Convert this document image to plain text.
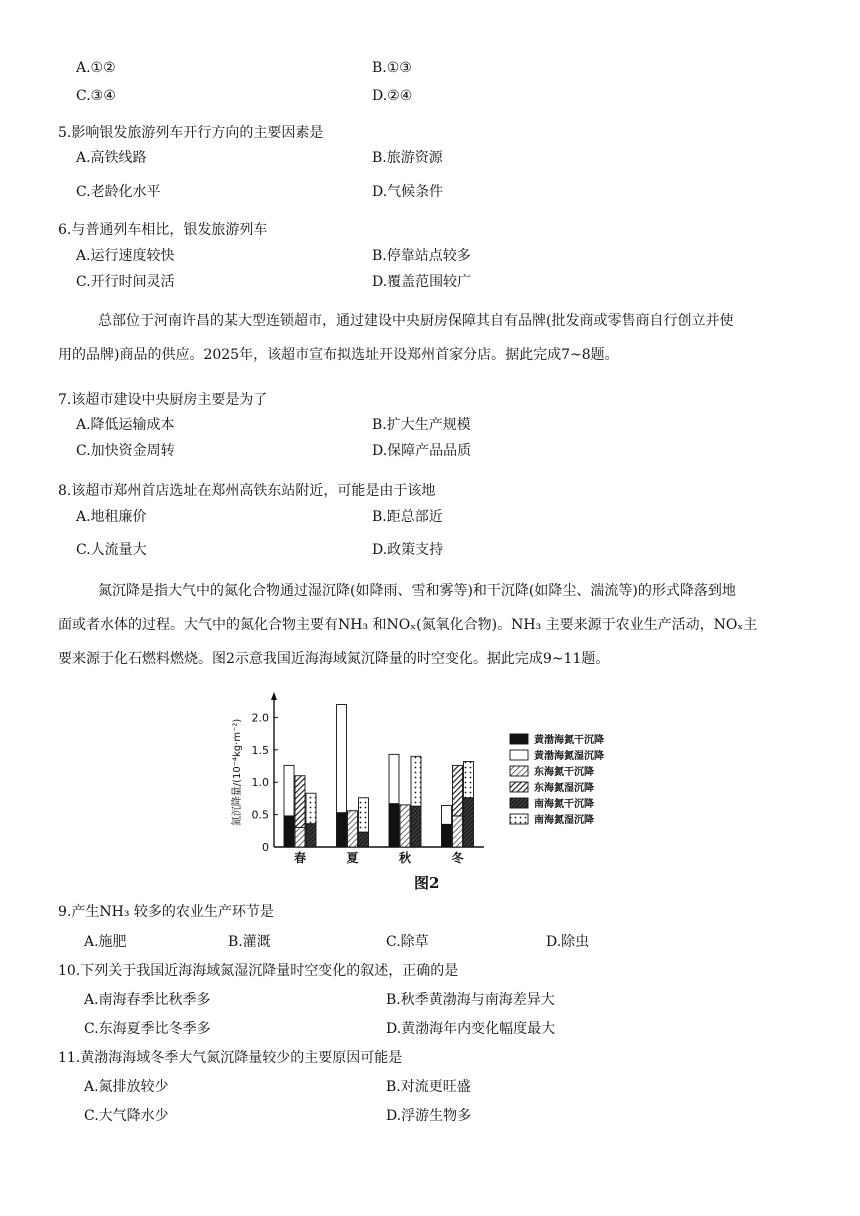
A.①②	B.①③
C.③④	D.②④
5.影响银发旅游列车开行方向的主要因素是
A.高铁线路	B.旅游资源
C.老龄化水平	D.气候条件
6.与普通列车相比，银发旅游列车
A.运行速度较快	B.停靠站点较多
C.开行时间灵活	D.覆盖范围较广
总部位于河南许昌的某大型连锁超市，通过建设中央厨房保障其自有品牌(批发商或零售商自行创立并使
用的品牌)商品的供应。2025年，该超市宣布拟选址开设郑州首家分店。据此完成7~8题。
7.该超市建设中央厨房主要是为了
A.降低运输成本	B.扩大生产规模
C.加快资金周转	D.保障产品品质
8.该超市郑州首店选址在郑州高铁东站附近，可能是由于该地
A.地租廉价	B.距总部近
C.人流量大	D.政策支持
氮沉降是指大气中的氮化合物通过湿沉降(如降雨、雪和雾等)和干沉降(如降尘、湍流等)的形式降落到地
面或者水体的过程。大气中的氮化合物主要有NH₃ 和NOₓ(氮氧化合物)。NH₃ 主要来源于农业生产活动，NOₓ主
要来源于化石燃料燃烧。图2示意我国近海海域氮沉降量的时空变化。据此完成9~11题。
0
0.5
1.0
1.5
2.0
氮沉降量/(10⁻⁴kg·m⁻²)
春	夏	秋	冬
黄渤海氮干沉降
黄渤海氮湿沉降
东海氮干沉降
东海氮湿沉降
南海氮干沉降
南海氮湿沉降
图2
9.产生NH₃ 较多的农业生产环节是
A.施肥	B.灌溉	C.除草	D.除虫
10.下列关于我国近海海域氮湿沉降量时空变化的叙述，正确的是
A.南海春季比秋季多	B.秋季黄渤海与南海差异大
C.东海夏季比冬季多	D.黄渤海年内变化幅度最大
11.黄渤海海域冬季大气氮沉降量较少的主要原因可能是
A.氮排放较少	B.对流更旺盛
C.大气降水少	D.浮游生物多
